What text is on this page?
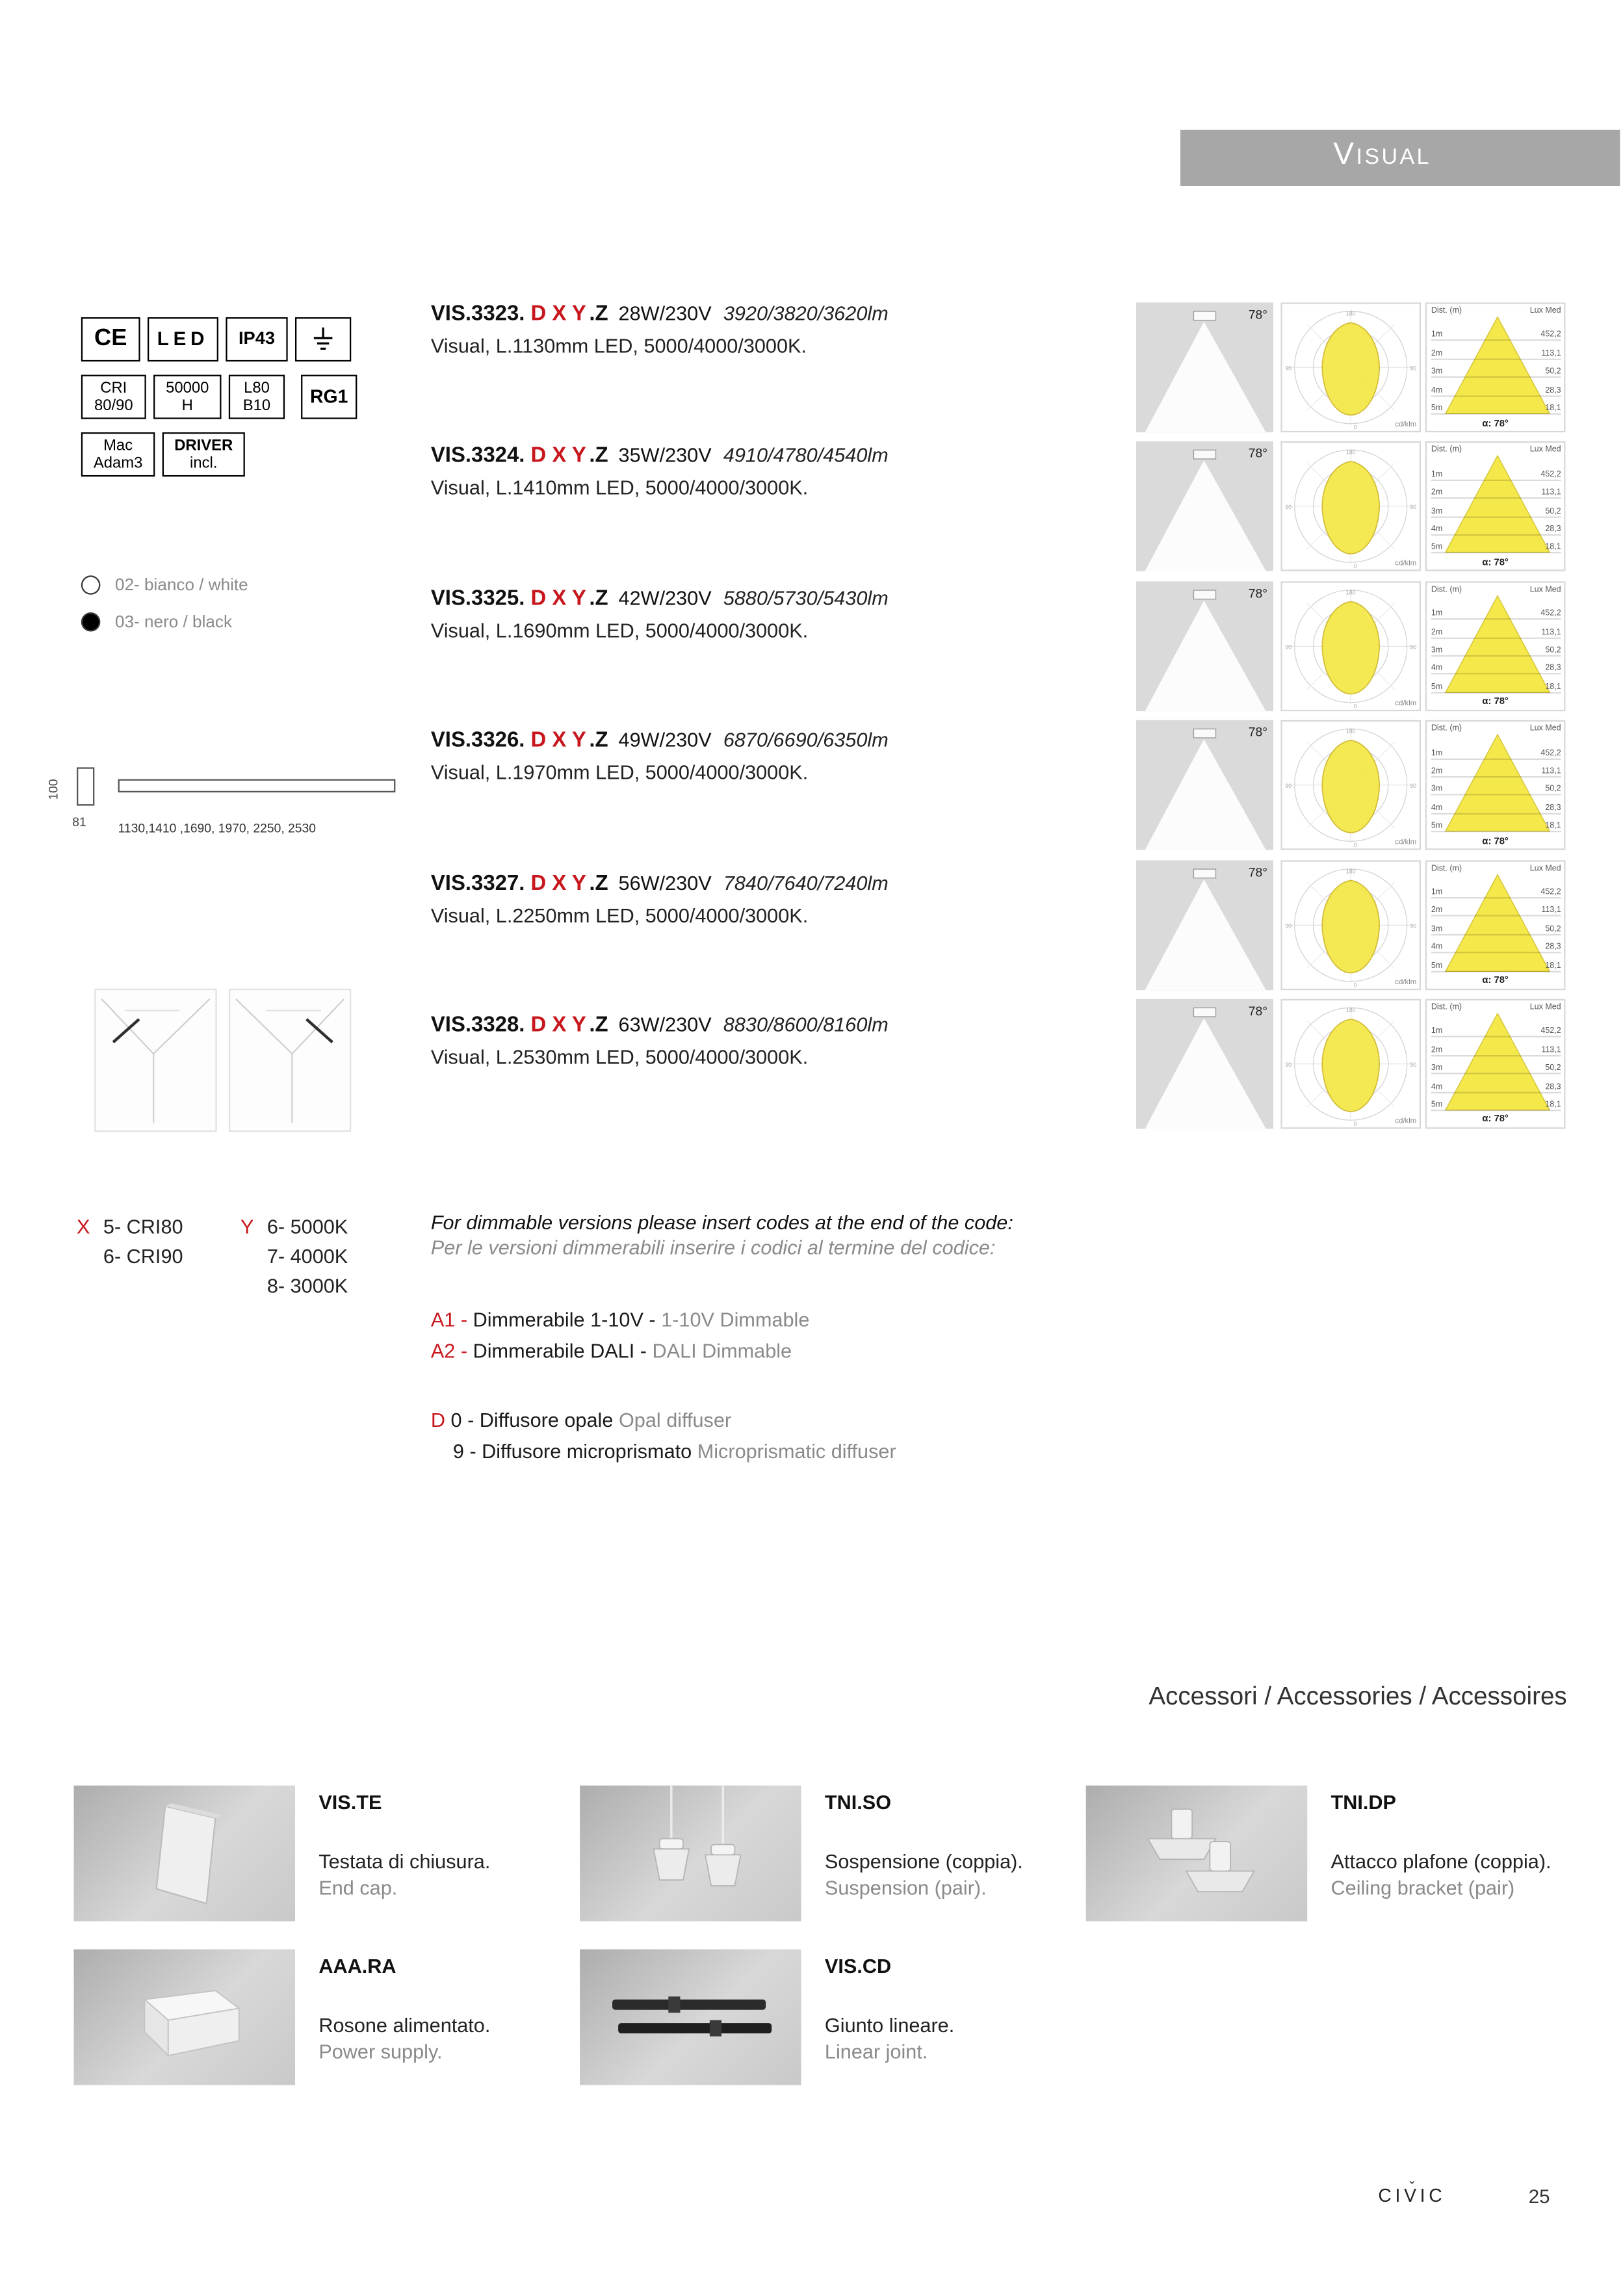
Visual
CE	LED	IP43
CRI
80/90
50000
H
L80
B10	RG1
Mac
Adam3
DRIVER
incl.
02- bianco / white
03- nero / black
100
81	1130,1410 ,1690, 1970, 2250, 2530
VIS.3323. D X Y .Z 28W/230V 3920/3820/3620lm
Visual, L.1130mm LED, 5000/4000/3000K.
VIS.3324. D X Y .Z 35W/230V 4910/4780/4540lm
Visual, L.1410mm LED, 5000/4000/3000K.
VIS.3325. D X Y .Z 42W/230V 5880/5730/5430lm
Visual, L.1690mm LED, 5000/4000/3000K.
VIS.3326. D X Y .Z 49W/230V 6870/6690/6350lm
Visual, L.1970mm LED, 5000/4000/3000K.
VIS.3327. D X Y .Z 56W/230V 7840/7640/7240lm
Visual, L.2250mm LED, 5000/4000/3000K.
VIS.3328. D X Y .Z 63W/230V 8830/8600/8160lm
Visual, L.2530mm LED, 5000/4000/3000K.
78°	180
90	90
0	cd/klm
Dist. (m)	Lux Med
1m	452,2
2m	113,1
3m	50,2
4m	28,3
5m	18,1
α: 78°
78°	180
90	90
0	cd/klm
Dist. (m)	Lux Med
1m	452,2
2m	113,1
3m	50,2
4m	28,3
5m	18,1
α: 78°
78°	180
90	90
0	cd/klm
Dist. (m)	Lux Med
1m	452,2
2m	113,1
3m	50,2
4m	28,3
5m	18,1
α: 78°
78°	180
90	90
0	cd/klm
Dist. (m)	Lux Med
1m	452,2
2m	113,1
3m	50,2
4m	28,3
5m	18,1
α: 78°
78°	180
90	90
0	cd/klm
Dist. (m)	Lux Med
1m	452,2
2m	113,1
3m	50,2
4m	28,3
5m	18,1
α: 78°
78°	180
90	90
0	cd/klm
Dist. (m)	Lux Med
1m	452,2
2m	113,1
3m	50,2
4m	28,3
5m	18,1
α: 78°
X 5- CRI80
6- CRI90
Y 6- 5000K
7- 4000K
8- 3000K
For dimmable versions please insert codes at the end of the code:
Per le versioni dimmerabili inserire i codici al termine del codice:
A1 - Dimmerabile 1-10V - 1-10V Dimmable
A2 - Dimmerabile DALI - DALI Dimmable
D 0 - Diffusore opale Opal diffuser
9 - Diffusore microprismato Microprismatic diffuser
Accessori / Accessories / Accessoires
VIS.TE
Testata di chiusura.
End cap.
TNI.SO
Sospensione (coppia).
Suspension (pair).
TNI.DP
Attacco plafone (coppia).
Ceiling bracket (pair)
AAA.RA
Rosone alimentato.
Power supply.
VIS.CD
Giunto lineare.
Linear joint.
⌄
CIVIC	25
